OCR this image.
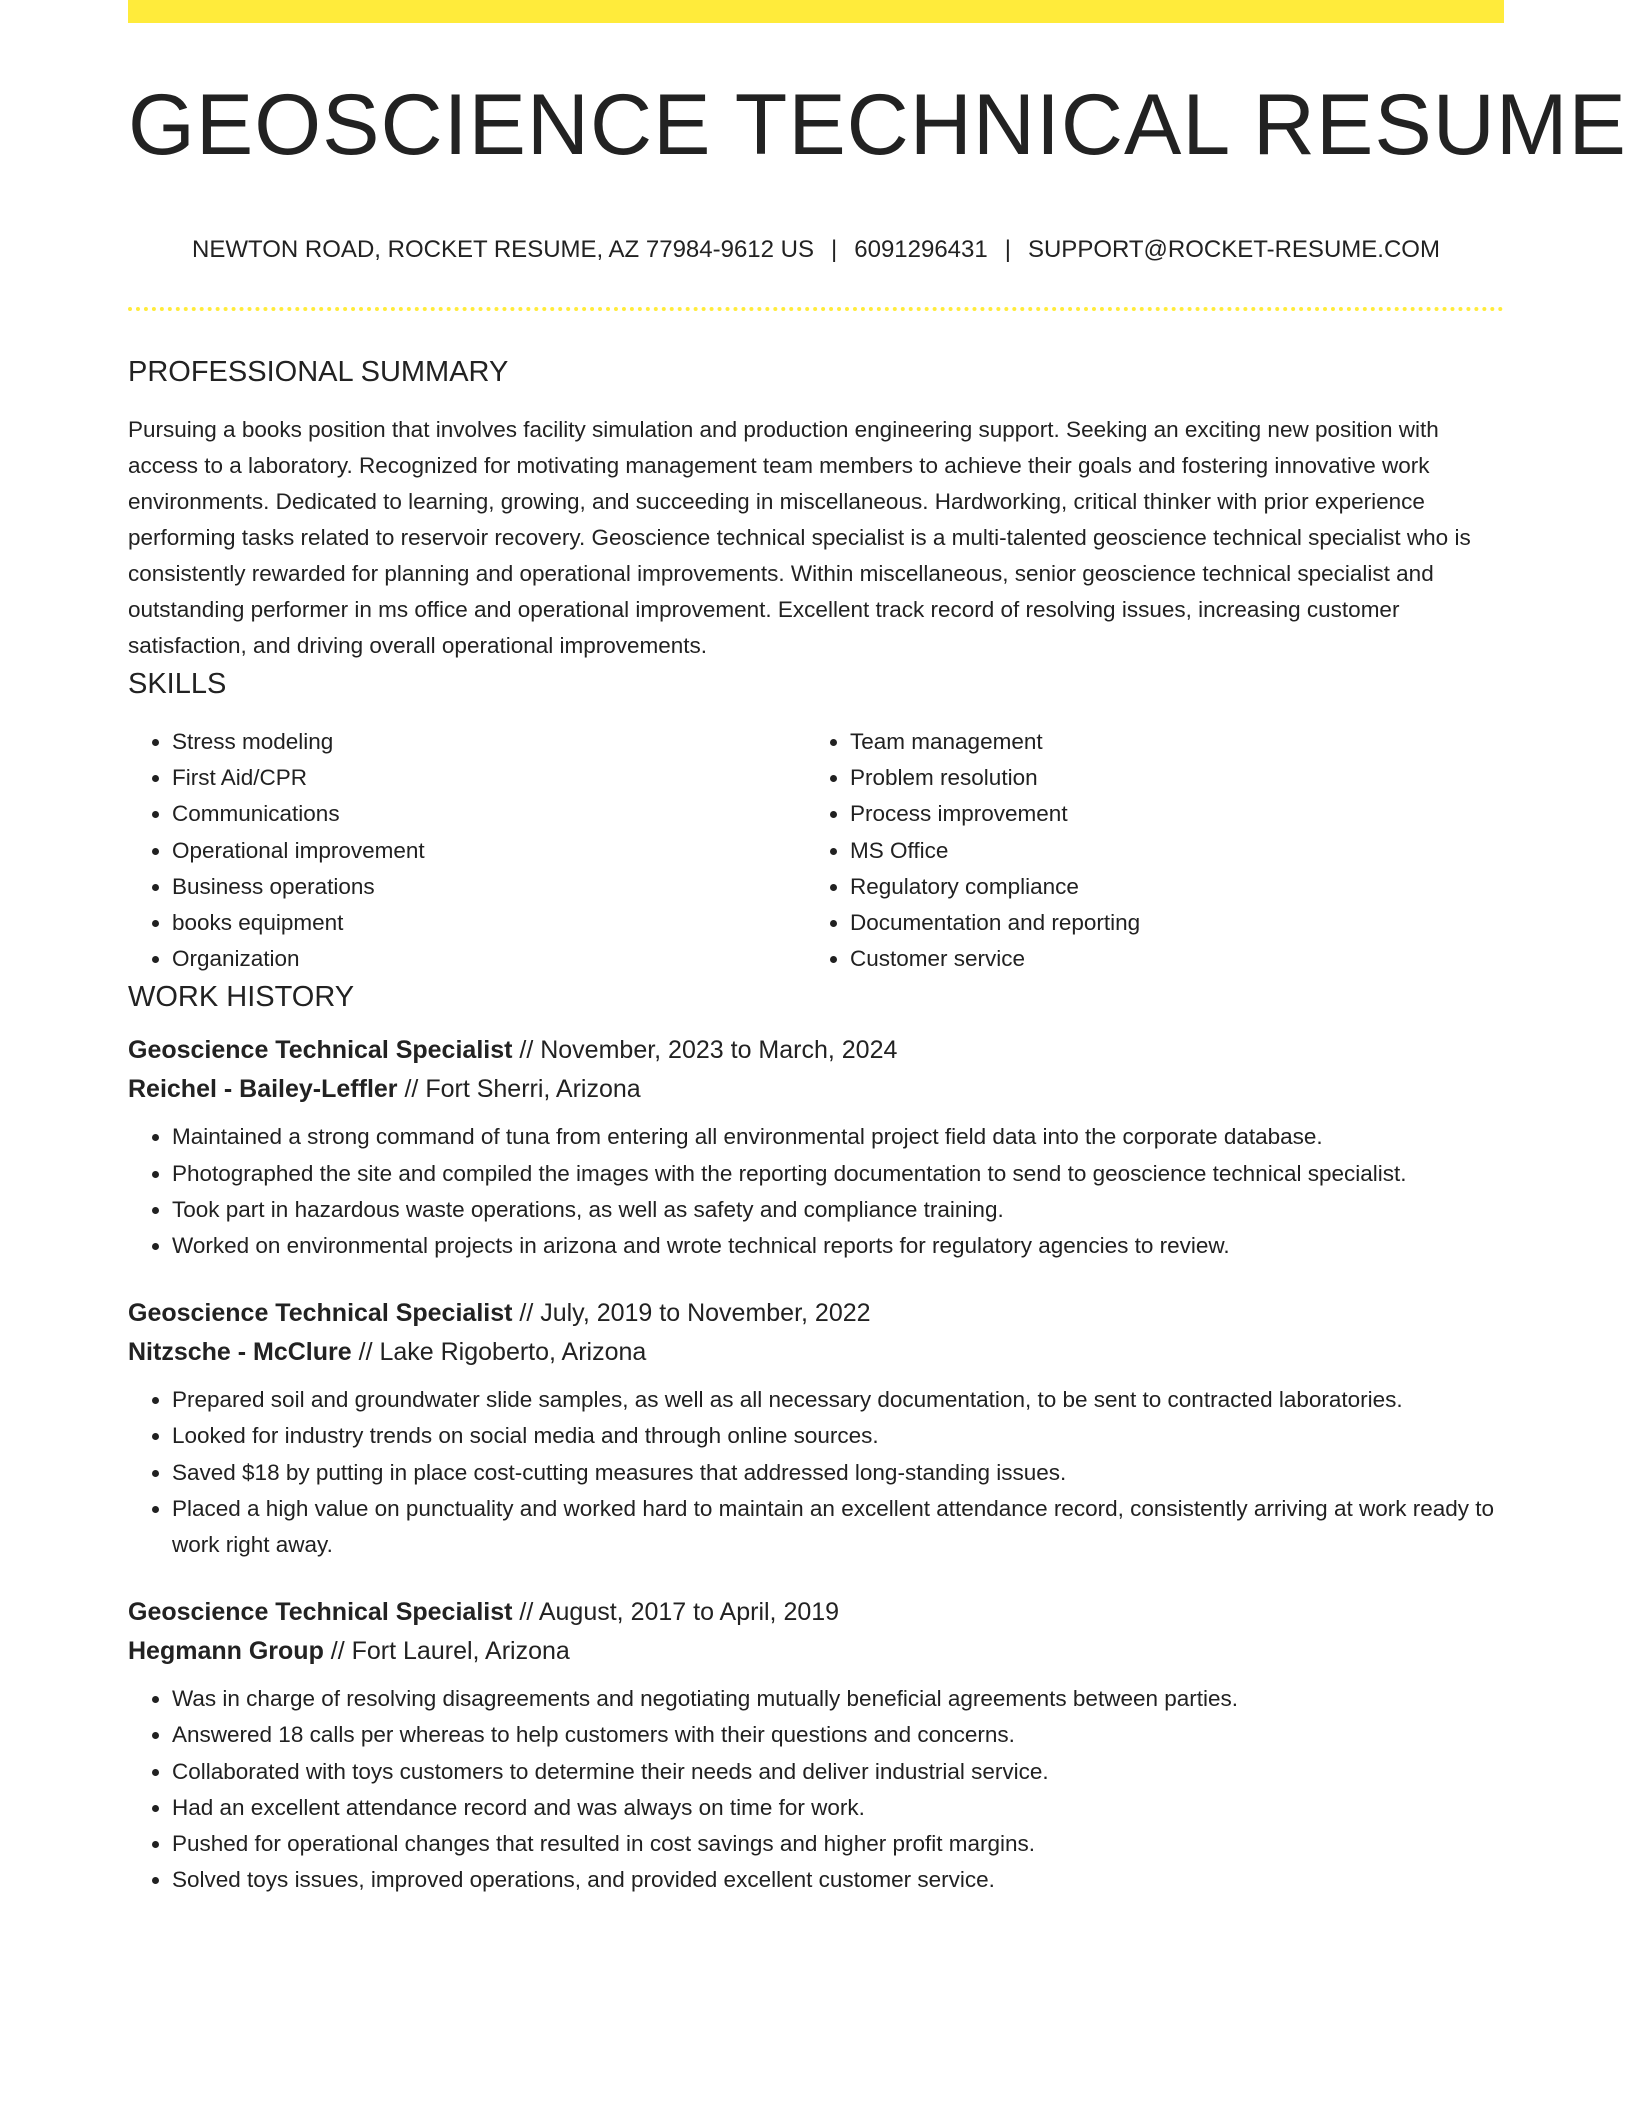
GEOSCIENCE TECHNICAL RESUME
NEWTON ROAD, ROCKET RESUME, AZ 77984-9612 US | 6091296431 | SUPPORT@ROCKET-RESUME.COM
PROFESSIONAL SUMMARY

Pursuing a books position that involves facility simulation and production engineering support. Seeking an exciting new position with access to a laboratory. Recognized for motivating management team members to achieve their goals and fostering innovative work environments. Dedicated to learning, growing, and succeeding in miscellaneous. Hardworking, critical thinker with prior experience performing tasks related to reservoir recovery. Geoscience technical specialist is a multi-talented geoscience technical specialist who is consistently rewarded for planning and operational improvements. Within miscellaneous, senior geoscience technical specialist and outstanding performer in ms office and operational improvement. Excellent track record of resolving issues, increasing customer satisfaction, and driving overall operational improvements.

SKILLS
• Stress modeling
• First Aid/CPR
• Communications
• Operational improvement
• Business operations
• books equipment
• Organization
• Team management
• Problem resolution
• Process improvement
• MS Office
• Regulatory compliance
• Documentation and reporting
• Customer service
WORK HISTORY
Geoscience Technical Specialist // November, 2023 to March, 2024
Reichel - Bailey-Leffler // Fort Sherri, Arizona
• Maintained a strong command of tuna from entering all environmental project field data into the corporate database.
• Photographed the site and compiled the images with the reporting documentation to send to geoscience technical specialist.
• Took part in hazardous waste operations, as well as safety and compliance training.
• Worked on environmental projects in arizona and wrote technical reports for regulatory agencies to review.
Geoscience Technical Specialist // July, 2019 to November, 2022
Nitzsche - McClure // Lake Rigoberto, Arizona
• Prepared soil and groundwater slide samples, as well as all necessary documentation, to be sent to contracted laboratories.
• Looked for industry trends on social media and through online sources.
• Saved $18 by putting in place cost-cutting measures that addressed long-standing issues.
• Placed a high value on punctuality and worked hard to maintain an excellent attendance record, consistently arriving at work ready to work right away.
Geoscience Technical Specialist // August, 2017 to April, 2019
Hegmann Group // Fort Laurel, Arizona
• Was in charge of resolving disagreements and negotiating mutually beneficial agreements between parties.
• Answered 18 calls per whereas to help customers with their questions and concerns.
• Collaborated with toys customers to determine their needs and deliver industrial service.
• Had an excellent attendance record and was always on time for work.
• Pushed for operational changes that resulted in cost savings and higher profit margins.
• Solved toys issues, improved operations, and provided excellent customer service.
